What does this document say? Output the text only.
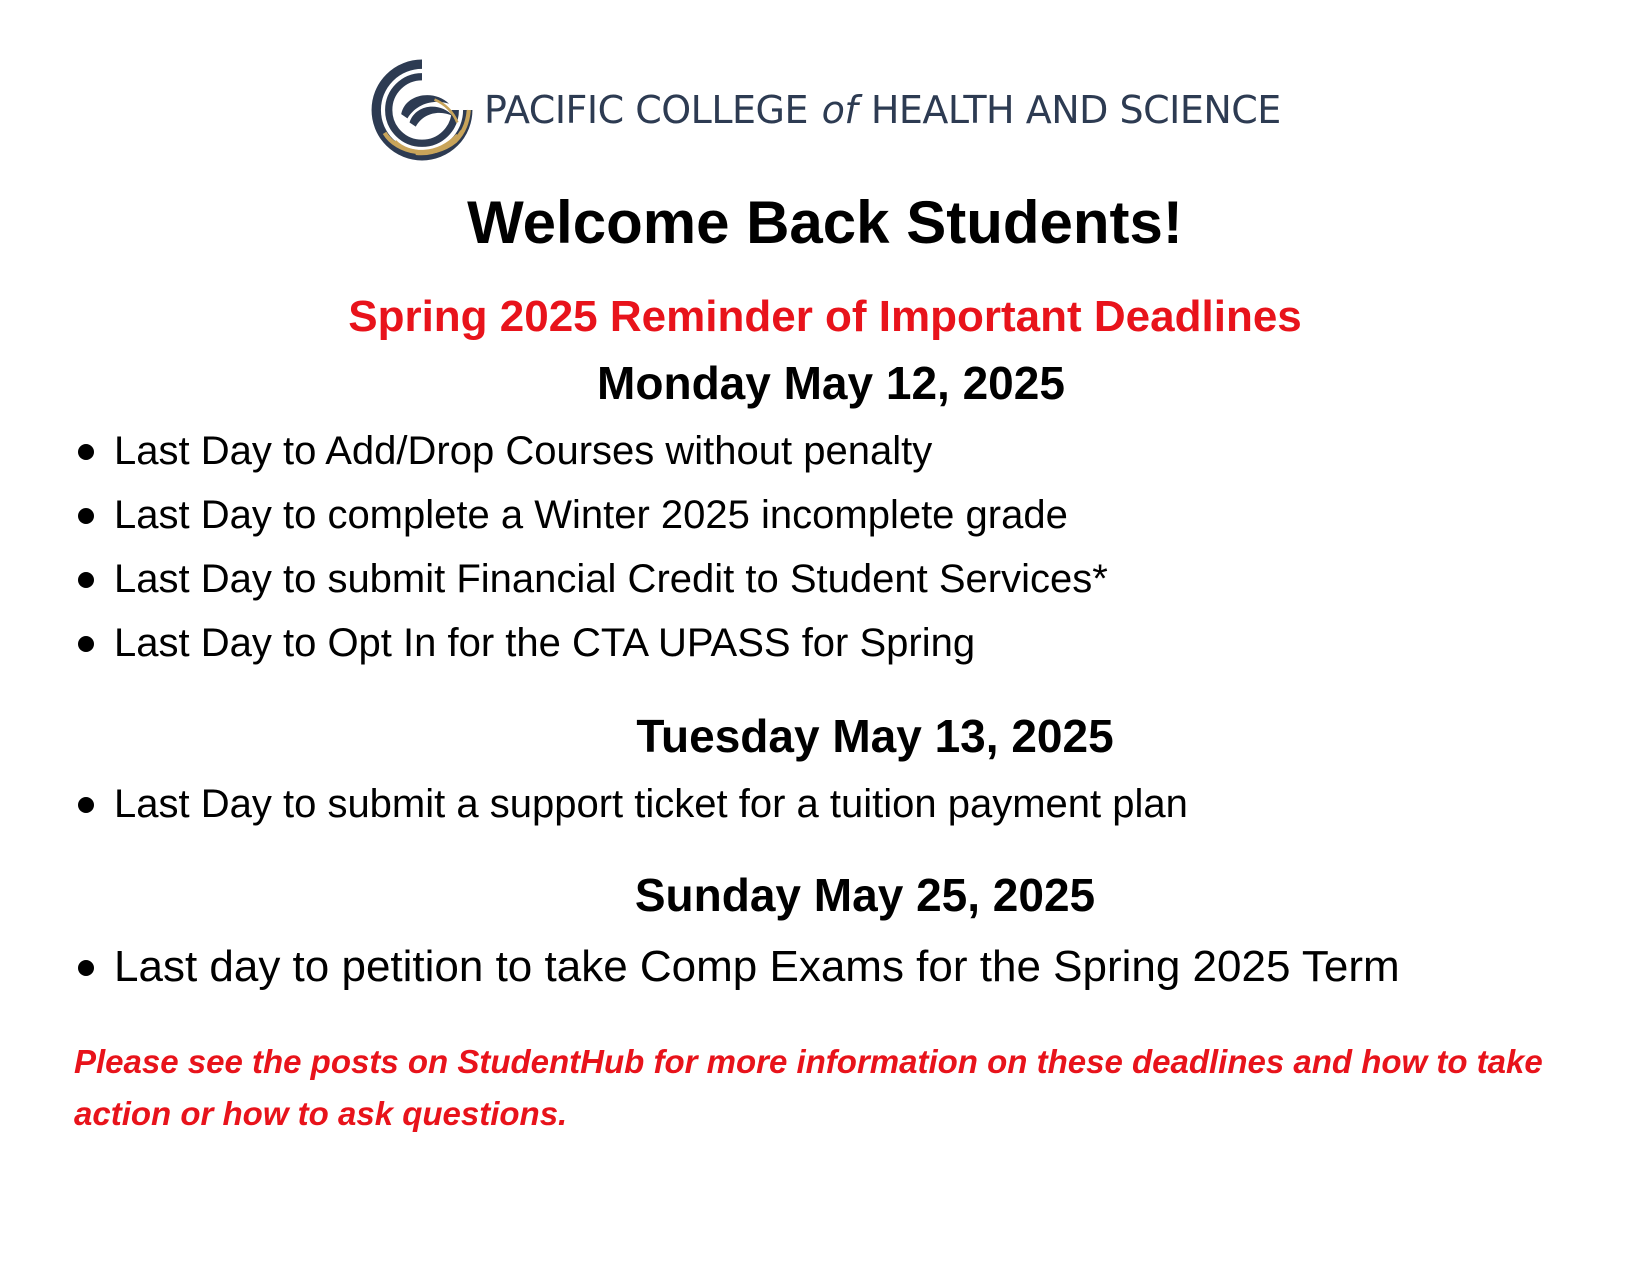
PACIFIC COLLEGE of HEALTH AND SCIENCE
Welcome Back Students!
Spring 2025 Reminder of Important Deadlines
Monday May 12, 2025
Last Day to Add/Drop Courses without penalty
Last Day to complete a Winter 2025 incomplete grade
Last Day to submit Financial Credit to Student Services*
Last Day to Opt In for the CTA UPASS for Spring
Tuesday May 13, 2025
Last Day to submit a support ticket for a tuition payment plan
Sunday May 25, 2025
Last day to petition to take Comp Exams for the Spring 2025 Term
Please see the posts on StudentHub for more information on these deadlines and how to take action or how to ask questions.
